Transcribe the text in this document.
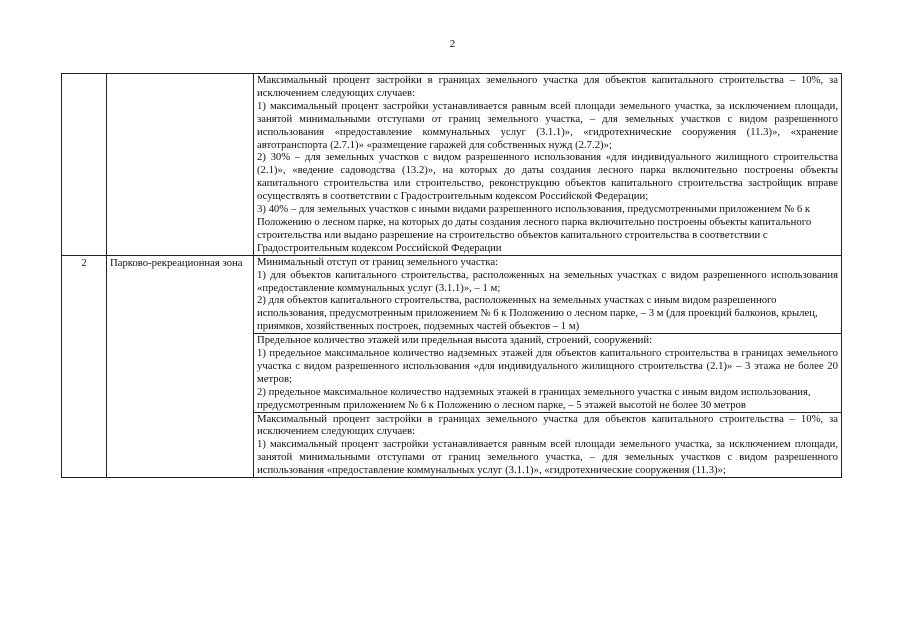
2

		Максимальный процент застройки в границах земельного участка для объектов капитального строительства – 10%, за исключением следующих случаев:

1) максимальный процент застройки устанавливается равным всей площади земельного участка, за исключением площади, занятой минимальными отступами от границ земельного участка, – для земельных участков с видом разрешенного использования «предоставление коммунальных услуг (3.1.1)», «гидротехнические сооружения (11.3)», «хранение автотранспорта (2.7.1)» «размещение гаражей для собственных нужд (2.7.2)»;

2) 30% – для земельных участков с видом разрешенного использования «для индивидуального жилищного строительства (2.1)», «ведение садоводства (13.2)», на которых до даты создания лесного парка включительно построены объекты капитального строительства или строительство, реконструкцию объектов капитального строительства застройщик вправе осуществлять в соответствии с Градостроительным кодексом Российской Федерации;

3) 40% – для земельных участков с иными видами разрешенного использования, предусмотренными приложением № 6 к Положению о лесном парке, на которых до даты создания лесного парка включительно построены объекты капитального строительства или выдано разрешение на строительство объектов капитального строительства в соответствии с Градостроительным кодексом Российской Федерации

2	Парково-рекреационная зона	Минимальный отступ от границ земельного участка:

1) для объектов капитального строительства, расположенных на земельных участках с видом разрешенного использования «предоставление коммунальных услуг (3.1.1)», – 1 м;

2) для объектов капитального строительства, расположенных на земельных участках с иным видом разрешенного использования, предусмотренным приложением № 6 к Положению о лесном парке, – 3 м (для проекций балконов, крылец, приямков, хозяйственных построек, подземных частей объектов – 1 м)

		Предельное количество этажей или предельная высота зданий, строений, сооружений:

1) предельное максимальное количество надземных этажей для объектов капитального строительства в границах земельного участка с видом разрешенного использования «для индивидуального жилищного строительства (2.1)» – 3 этажа не более 20 метров;

2) предельное максимальное количество надземных этажей в границах земельного участка с иным видом использования, предусмотренным приложением № 6 к Положению о лесном парке, – 5 этажей высотой не более 30 метров

		Максимальный процент застройки в границах земельного участка для объектов капитального строительства – 10%, за исключением следующих случаев:

1) максимальный процент застройки устанавливается равным всей площади земельного участка, за исключением площади, занятой минимальными отступами от границ земельного участка, – для земельных участков с видом разрешенного использования «предоставление коммунальных услуг (3.1.1)», «гидротехнические сооружения (11.3)»;
